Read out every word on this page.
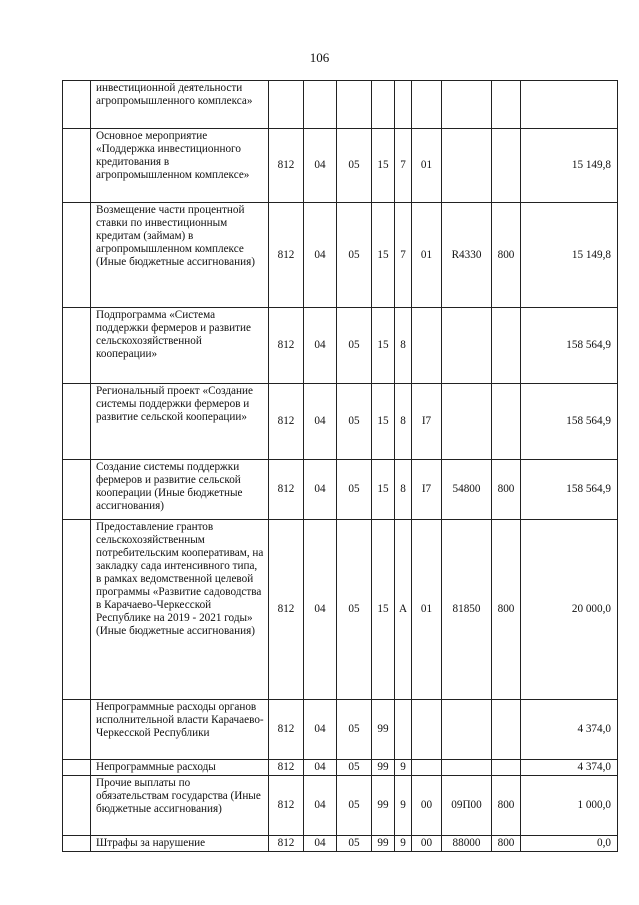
106
	инвестиционной деятельности агропромышленного комплекса»									
	Основное мероприятие «Поддержка инвестиционного кредитования в агропромышленном комплексе»	812	04	05	15	7	01			15 149,8
	Возмещение части процентной ставки по инвестиционным кредитам (займам) в агропромышленном комплексе (Иные бюджетные ассигнования)	812	04	05	15	7	01	R4330	800	15 149,8
	Подпрограмма «Система поддержки фермеров и развитие сельскохозяйственной кооперации»	812	04	05	15	8				158 564,9
	Региональный проект «Создание системы поддержки фермеров и развитие сельской кооперации»	812	04	05	15	8	I7			158 564,9
	Создание системы поддержки фермеров и развитие сельской кооперации (Иные бюджетные ассигнования)	812	04	05	15	8	I7	54800	800	158 564,9
	Предоставление грантов сельскохозяйственным потребительским кооперативам, на закладку сада интенсивного типа, в рамках ведомственной целевой программы «Развитие садоводства в Карачаево-Черкесской Республике на 2019 - 2021 годы» (Иные бюджетные ассигнования)	812	04	05	15	А	01	81850	800	20 000,0
	Непрограммные расходы органов исполнительной власти Карачаево-Черкесской Республики	812	04	05	99					4 374,0
	Непрограммные расходы	812	04	05	99	9				4 374,0
	Прочие выплаты по обязательствам государства (Иные бюджетные ассигнования)	812	04	05	99	9	00	09П00	800	1 000,0
	Штрафы за нарушение	812	04	05	99	9	00	88000	800	0,0
